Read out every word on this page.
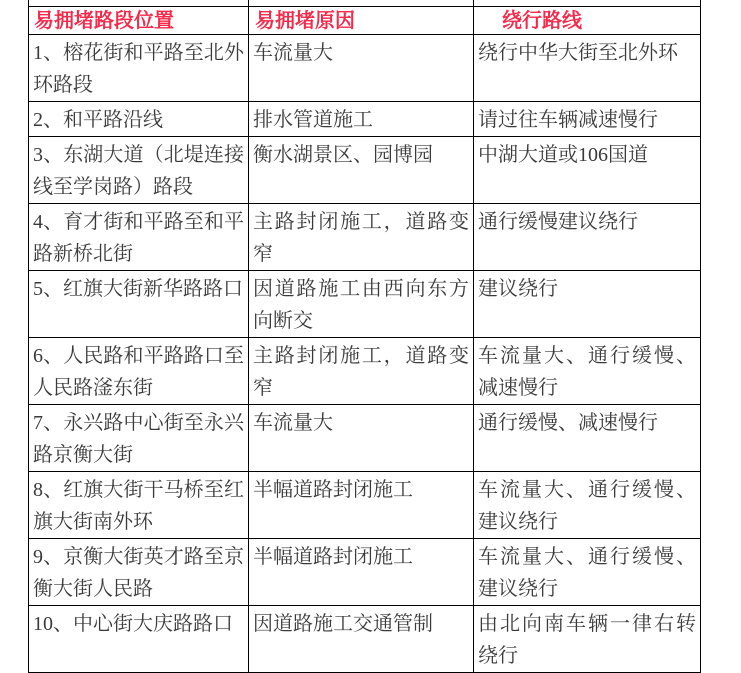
易拥堵路段位置	易拥堵原因	绕行路线
1、榕花街和平路至北外环路段	车流量大	绕行中华大街至北外环
2、和平路沿线	排水管道施工	请过往车辆减速慢行
3、东湖大道（北堤连接线至学岗路）路段	衡水湖景区、园博园	中湖大道或106国道
4、育才街和平路至和平路新桥北街	主路封闭施工，道路变窄	通行缓慢建议绕行
5、红旗大街新华路路口	因道路施工由西向东方向断交	建议绕行
6、人民路和平路路口至人民路滏东街	主路封闭施工，道路变窄	车流量大、通行缓慢、减速慢行
7、永兴路中心街至永兴路京衡大街	车流量大	通行缓慢、减速慢行
8、红旗大街干马桥至红旗大街南外环	半幅道路封闭施工	车流量大、通行缓慢、建议绕行
9、京衡大街英才路至京衡大街人民路	半幅道路封闭施工	车流量大、通行缓慢、建议绕行
10、中心街大庆路路口	因道路施工交通管制	由北向南车辆一律右转绕行
